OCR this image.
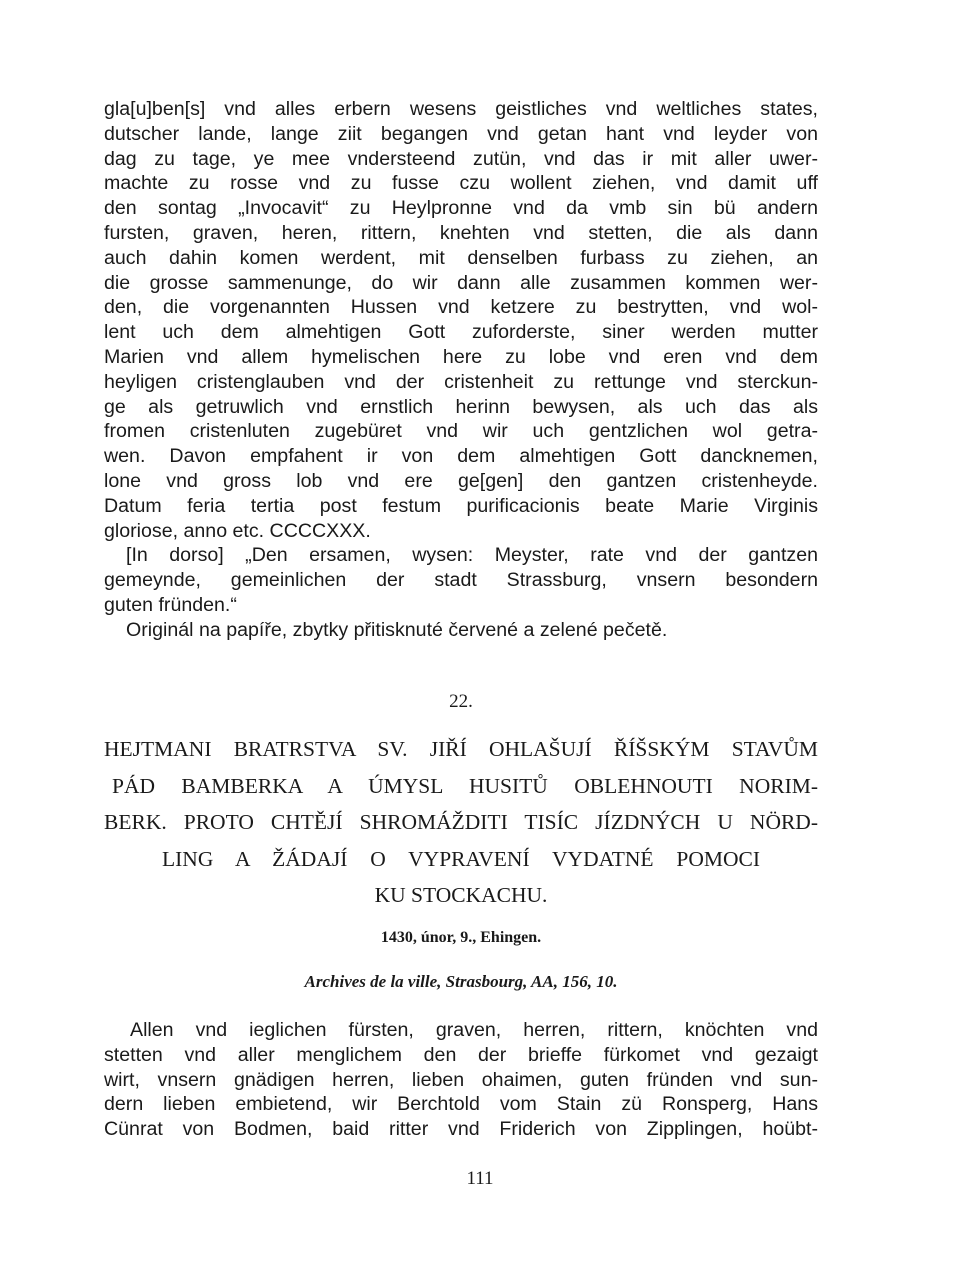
gla[u]ben[s] vnd alles erbern wesens geistliches vnd weltliches states,
dutscher lande, lange ziit begangen vnd getan hant vnd leyder von
dag zu tage, ye mee vndersteend zutün, vnd das ir mit aller uwer-
machte zu rosse vnd zu fusse czu wollent ziehen, vnd damit uff
den sontag „Invocavit“ zu Heylpronne vnd da vmb sin bü andern
fursten, graven, heren, rittern, knehten vnd stetten, die als dann
auch dahin komen werdent, mit denselben furbass zu ziehen, an
die grosse sammenunge, do wir dann alle zusammen kommen wer-
den, die vorgenannten Hussen vnd ketzere zu bestrytten, vnd wol-
lent uch dem almehtigen Gott zuforderste, siner werden mutter
Marien vnd allem hymelischen here zu lobe vnd eren vnd dem
heyligen cristenglauben vnd der cristenheit zu rettunge vnd sterckun-
ge als getruwlich vnd ernstlich herinn bewysen, als uch das als
fromen cristenluten zugebüret vnd wir uch gentzlichen wol getra-
wen. Davon empfahent ir von dem almehtigen Gott dancknemen,
lone vnd gross lob vnd ere ge[gen] den gantzen cristenheyde.
Datum feria tertia post festum purificacionis beate Marie Virginis
gloriose, anno etc. CCCCXXX.
[In dorso] „Den ersamen, wysen: Meyster, rate vnd der gantzen
gemeynde, gemeinlichen der stadt Strassburg, vnsern besondern
guten fründen.“

Originál na papíře, zbytky přitisknuté červené a zelené pečetě.

22.

HEJTMANI BRATRSTVA SV. JIŘÍ OHLAŠUJÍ ŘÍŠSKÝM STAVŮM
PÁD BAMBERKA A ÚMYSL HUSITŮ OBLEHNOUTI NORIM-
BERK. PROTO CHTĚJÍ SHROMÁŽDITI TISÍC JÍZDNÝCH U NÖRD-
LING A ŽÁDAJÍ O VYPRAVENÍ VYDATNÉ POMOCI
KU STOCKACHU.

1430, únor, 9., Ehingen.

Archives de la ville, Strasbourg, AA, 156, 10.

Allen vnd ieglichen fürsten, graven, herren, rittern, knöchten vnd
stetten vnd aller menglichem den der brieffe fürkomet vnd gezaigt
wirt, vnsern gnädigen herren, lieben ohaimen, guten fründen vnd sun-
dern lieben embietend, wir Berchtold vom Stain zü Ronsperg, Hans
Cünrat von Bodmen, baid ritter vnd Friderich von Zipplingen, hoübt-

111
